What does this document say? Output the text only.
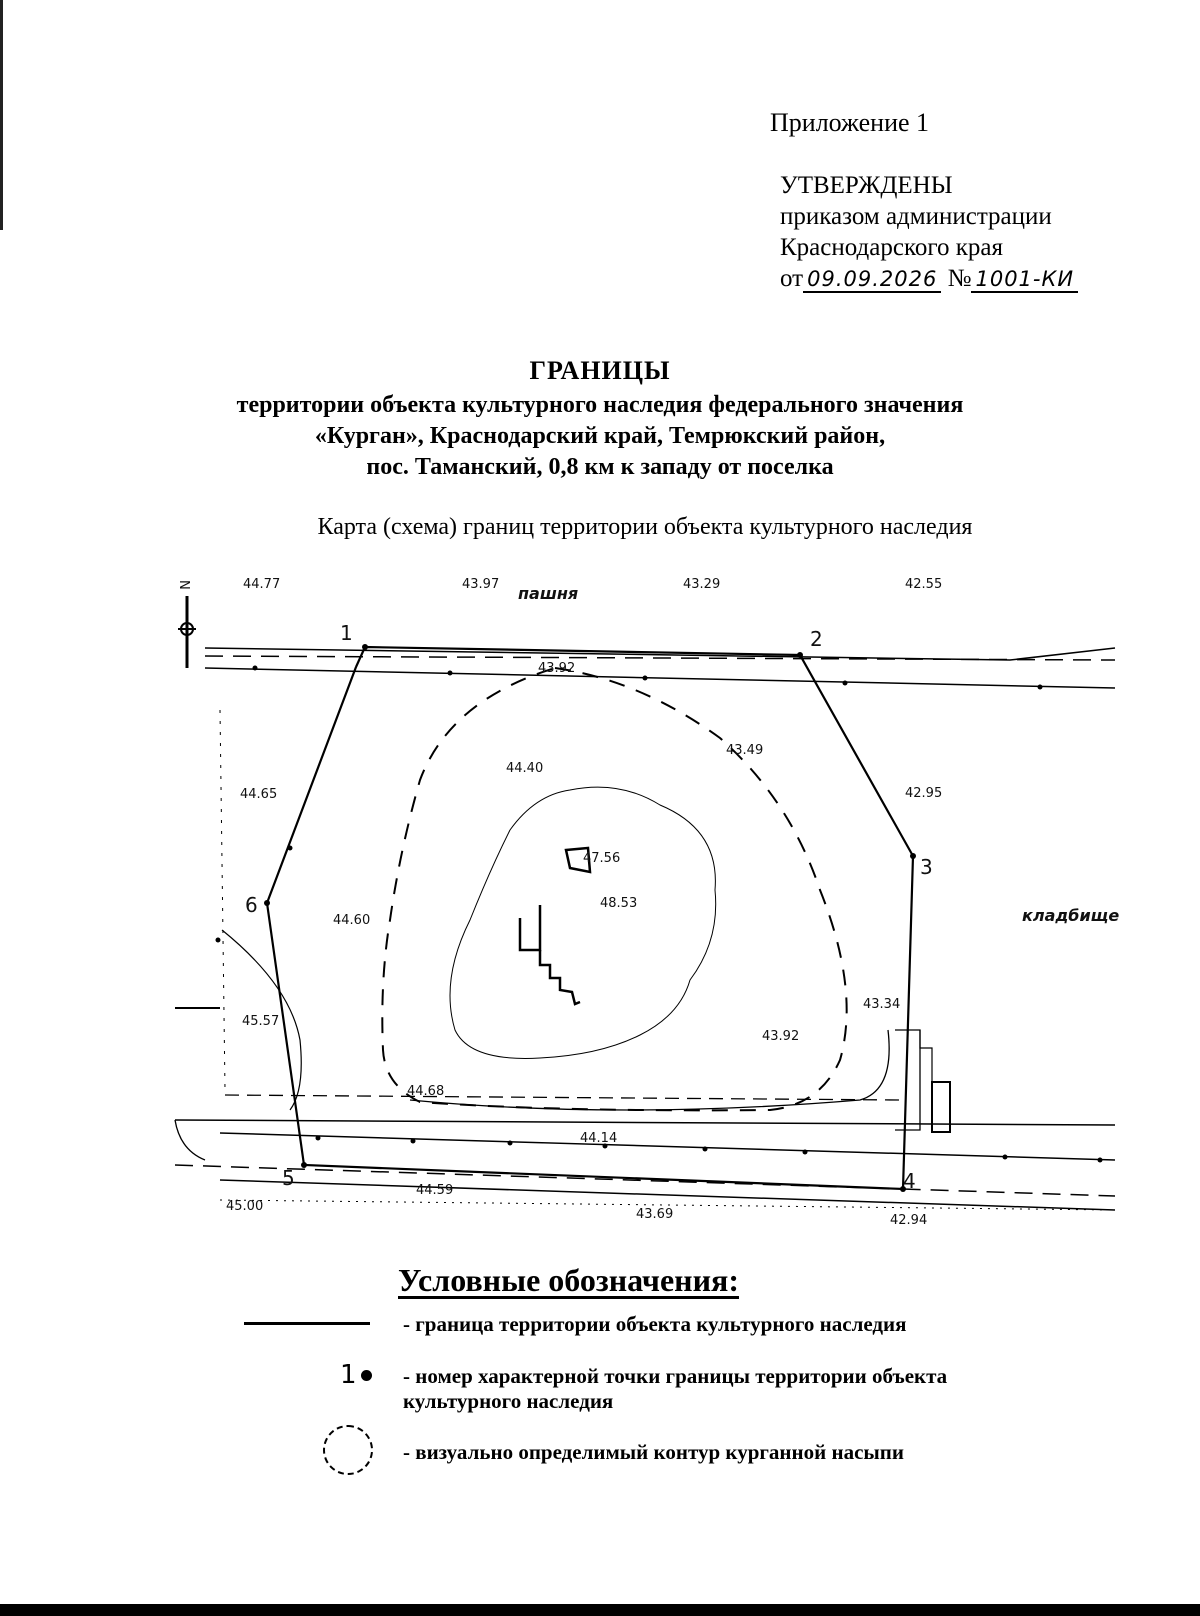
Приложение 1
УТВЕРЖДЕНЫ
приказом администрации
Краснодарского края
от 09.09.2026 № 1001-КИ
ГРАНИЦЫ
территории объекта культурного наследия федерального значения
«Курган», Краснодарский край, Темрюкский район,
пос. Таманский, 0,8 км к западу от поселка
Карта (схема) границ территории объекта культурного наследия
N	44.77	43.97	43.29	42.55
43.92
44.40
43.49
44.65	42.95
47.56
48.53
44.60
43.34
43.92
45.57
44.68
44.14
44.59
45.00
43.69	42.94
1	2
3
4
5
6
пашня
кладбище
Условные обозначения:
- граница территории объекта культурного наследия
1	- номер характерной точки границы территории объекта культурного наследия
- визуально определимый контур курганной насыпи
